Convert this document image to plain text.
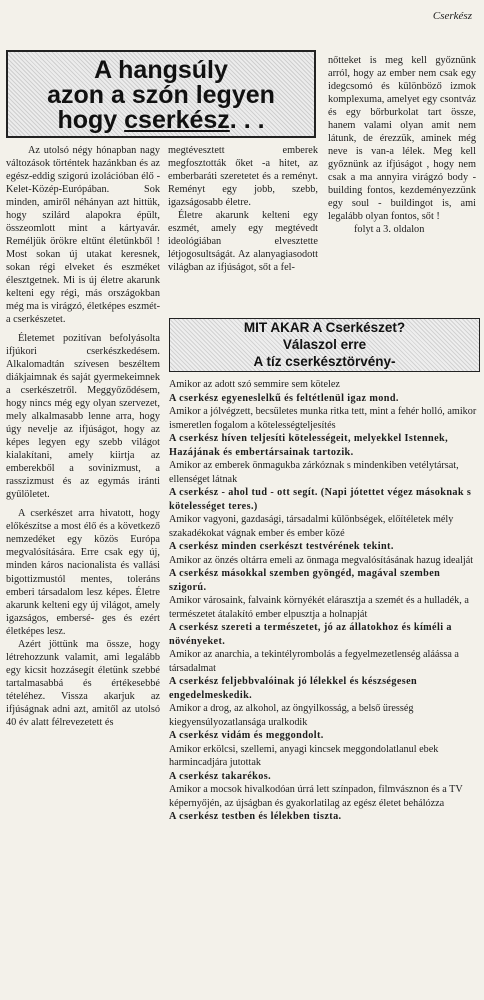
Cserkész
A hangsúly
azon a szón legyen
hogy cserkész. . .

Az utolsó négy hónapban nagy változások történtek hazánkban és az egész-eddig szigorú izolációban élő -Kelet-Közép-Európában. Sok minden, amiről néhányan azt hittük, hogy szilárd alapokra épült, összeomlott mint a kártyavár. Reméljük örökre eltűnt életünkből ! Most sokan új utakat keresnek, sokan régi elveket és eszméket élesztgetnek. Mi is új életre akarunk kelteni egy régi, más országokban még ma is virágzó, életképes eszmét-a cserkészetet.

Életemet pozitívan befolyásolta ifjúkori cserkészkedésem. Alkalomadtán szívesen beszéltem diákjaimnak és saját gyermekeimnek a cserkészetről. Meggyőződésem, hogy nincs még egy olyan szervezet, mely alkalmasabb lenne arra, hogy úgy nevelje az ifjúságot, hogy az képes legyen egy szebb világot kialakítani, amely kiirtja az emberekből a sovinizmust, a rasszizmust és az egymás iránti gyűlöletet.

A cserkészet arra hivatott, hogy előkészítse a most élő és a következő nemzedéket egy közös Európa megvalósítására. Erre csak egy új, minden káros nacionalista és vallási bigottizmustól mentes, toleráns emberi társadalom lesz képes. Életre akarunk kelteni egy új világot, amely igazságos, embersé- ges és ezért életképes lesz.

Azért jöttünk ma össze, hogy létrehozzunk valamit, ami legalább egy kicsit hozzásegít életünk szebbé tartalmasabbá és értékesebbé tételéhez. Vissza akarjuk az ifjúságnak adni azt, amitől az utolsó 40 év alatt félrevezetett és

megtévesztett emberek megfosztották őket -a hitet, az emberbaráti szeretetet és a reményt. Reményt egy jobb, szebb, igazságosabb életre.

Életre akarunk kelteni egy eszmét, amely egy megtévedt ideológiában elvesztette létjogosultságát. Az alanyagiasodott világban az ifjúságot, sőt a fel-

nőtteket is meg kell győznünk arról, hogy az ember nem csak egy idegcsomó és különböző izmok komplexuma, amelyet egy csontváz és egy bőrburkolat tart össze, hanem valami olyan amit nem látunk, de érezzük, aminek még neve is van-a lélek. Meg kell győznünk az ifjúságot , hogy nem csak a ma annyira virágzó body - building fontos, kezdeményezzünk egy soul - buildingot is, ami legalább olyan fontos, sőt !

folyt a 3. oldalon

MIT AKAR A Cserkészet?
Válaszol erre
A tíz cserkésztörvény-

Amikor az adott szó semmire sem kötelez

A cserkész egyeneslelkű és feltétlenül igaz mond.

Amikor a jólvégzett, becsületes munka ritka tett, mint a fehér holló, amikor ismeretlen fogalom a kötelességteljesítés

A cserkész híven teljesíti kötelességeit, melyekkel Istennek, Hazájának és embertársainak tartozik.

Amikor az emberek önmagukba zárkóznak s mindenkiben vetélytársat, ellenséget látnak

A cserkész - ahol tud - ott segít. (Napi jótettet végez másoknak s kötelességet teres.)

Amikor vagyoni, gazdasági, társadalmi különbségek, előítéletek mély szakadékokat vágnak ember és ember közé

A cserkész minden cserkészt testvérének tekint.

Amikor az önzés oltárra emeli az önmaga megvalósításának hazug idealját

A cserkész másokkal szemben gyöngéd, magával szemben szigorú.

Amikor városaink, falvaink környékét elárasztja a szemét és a hulladék, a természetet átalakító ember elpusztja a holnapját

A cserkész szereti a természetet, jó az állatokhoz és kíméli a növényeket.

Amikor az anarchia, a tekintélyrombolás a fegyelmezetlenség aláássa a társadalmat

A cserkész feljebbvalóinak jó lélekkel és készségesen engedelmeskedik.

Amikor a drog, az alkohol, az öngyilkosság, a belső üresség kiegyensúlyozatlansága uralkodik

A cserkész vidám és meggondolt.

Amikor erkölcsi, szellemi, anyagi kincsek meggondolatlanul ebek harmincadjára jutottak

A cserkész takarékos.

Amikor a mocsok hivalkodóan úrrá lett színpadon, filmvásznon és a TV képernyőjén, az újságban és gyakorlatilag az egész életet behálózza

A cserkész testben és lélekben tiszta.
